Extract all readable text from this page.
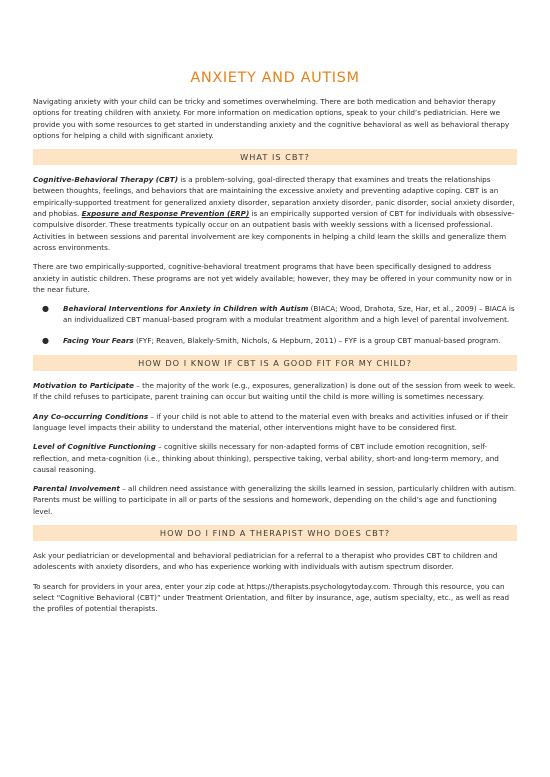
ANXIETY AND AUTISM

Navigating anxiety with your child can be tricky and sometimes overwhelming. There are both medication and behavior therapy options for treating children with anxiety. For more information on medication options, speak to your child’s pediatrician. Here we provide you with some resources to get started in understanding anxiety and the cognitive behavioral as well as behavioral therapy options for helping a child with significant anxiety.

WHAT IS CBT?

Cognitive-Behavioral Therapy (CBT) is a problem-solving, goal-directed therapy that examines and treats the relationships between thoughts, feelings, and behaviors that are maintaining the excessive anxiety and preventing adaptive coping. CBT is an empirically-supported treatment for generalized anxiety disorder, separation anxiety disorder, panic disorder, social anxiety disorder, and phobias. Exposure and Response Prevention (ERP) is an empirically supported version of CBT for individuals with obsessive-compulsive disorder. These treatments typically occur on an outpatient basis with weekly sessions with a licensed professional. Activities in between sessions and parental involvement are key components in helping a child learn the skills and generalize them across environments.

There are two empirically-supported, cognitive-behavioral treatment programs that have been specifically designed to address anxiety in autistic children. These programs are not yet widely available; however, they may be offered in your community now or in the near future.

● Behavioral Interventions for Anxiety in Children with Autism (BIACA; Wood, Drahota, Sze, Har, et al., 2009) – BIACA is an individualized CBT manual-based program with a modular treatment algorithm and a high level of parental involvement.
● Facing Your Fears (FYF; Reaven, Blakely-Smith, Nichols, & Hepburn, 2011) – FYF is a group CBT manual-based program.
HOW DO I KNOW IF CBT IS A GOOD FIT FOR MY CHILD?

Motivation to Participate – the majority of the work (e.g., exposures, generalization) is done out of the session from week to week. If the child refuses to participate, parent training can occur but waiting until the child is more willing is sometimes necessary.

Any Co-occurring Conditions – if your child is not able to attend to the material even with breaks and activities infused or if their language level impacts their ability to understand the material, other interventions might have to be considered first.

Level of Cognitive Functioning – cognitive skills necessary for non-adapted forms of CBT include emotion recognition, self-reflection, and meta-cognition (i.e., thinking about thinking), perspective taking, verbal ability, short-and long-term memory, and causal reasoning.

Parental Involvement – all children need assistance with generalizing the skills learned in session, particularly children with autism. Parents must be willing to participate in all or parts of the sessions and homework, depending on the child’s age and functioning level.

HOW DO I FIND A THERAPIST WHO DOES CBT?

Ask your pediatrician or developmental and behavioral pediatrician for a referral to a therapist who provides CBT to children and adolescents with anxiety disorders, and who has experience working with individuals with autism spectrum disorder.

To search for providers in your area, enter your zip code at https://therapists.psychologytoday.com. Through this resource, you can select “Cognitive Behavioral (CBT)” under Treatment Orientation, and filter by insurance, age, autism specialty, etc., as well as read the profiles of potential therapists.
